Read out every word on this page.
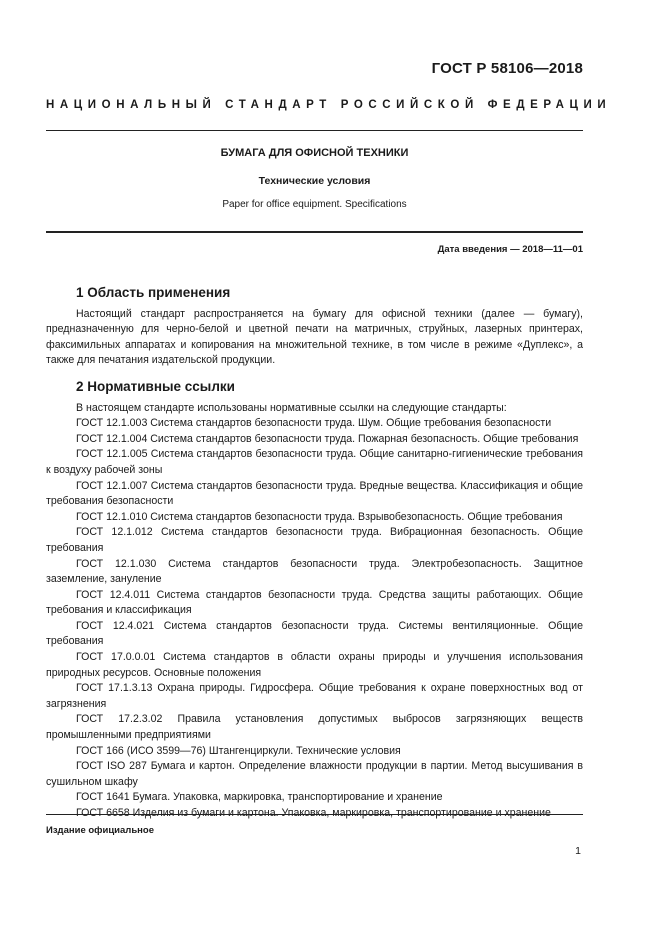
ГОСТ Р 58106—2018
НАЦИОНАЛЬНЫЙ СТАНДАРТ РОССИЙСКОЙ ФЕДЕРАЦИИ
БУМАГА ДЛЯ ОФИСНОЙ ТЕХНИКИ
Технические условия
Paper for office equipment. Specifications
Дата введения — 2018—11—01
1 Область применения

Настоящий стандарт распространяется на бумагу для офисной техники (далее — бумагу), предназначенную для черно-белой и цветной печати на матричных, струйных, лазерных принтерах, факсимильных аппаратах и копирования на множительной технике, в том числе в режиме «Дуплекс», а также для печатания издательской продукции.

2 Нормативные ссылки

В настоящем стандарте использованы нормативные ссылки на следующие стандарты:

ГОСТ 12.1.003 Система стандартов безопасности труда. Шум. Общие требования безопасности

ГОСТ 12.1.004 Система стандартов безопасности труда. Пожарная безопасность. Общие требования

ГОСТ 12.1.005 Система стандартов безопасности труда. Общие санитарно-гигиенические требования к воздуху рабочей зоны

ГОСТ 12.1.007 Система стандартов безопасности труда. Вредные вещества. Классификация и общие требования безопасности

ГОСТ 12.1.010 Система стандартов безопасности труда. Взрывобезопасность. Общие требования

ГОСТ 12.1.012 Система стандартов безопасности труда. Вибрационная безопасность. Общие требования

ГОСТ 12.1.030 Система стандартов безопасности труда. Электробезопасность. Защитное заземление, зануление

ГОСТ 12.4.011 Система стандартов безопасности труда. Средства защиты работающих. Общие требования и классификация

ГОСТ 12.4.021 Система стандартов безопасности труда. Системы вентиляционные. Общие требования

ГОСТ 17.0.0.01 Система стандартов в области охраны природы и улучшения использования природных ресурсов. Основные положения

ГОСТ 17.1.3.13 Охрана природы. Гидросфера. Общие требования к охране поверхностных вод от загрязнения

ГОСТ 17.2.3.02 Правила установления допустимых выбросов загрязняющих веществ промышленными предприятиями

ГОСТ 166 (ИСО 3599—76) Штангенциркули. Технические условия

ГОСТ ISO 287 Бумага и картон. Определение влажности продукции в партии. Метод высушивания в сушильном шкафу

ГОСТ 1641 Бумага. Упаковка, маркировка, транспортирование и хранение

ГОСТ 6658 Изделия из бумаги и картона. Упаковка, маркировка, транспортирование и хранение

Издание официальное
1
